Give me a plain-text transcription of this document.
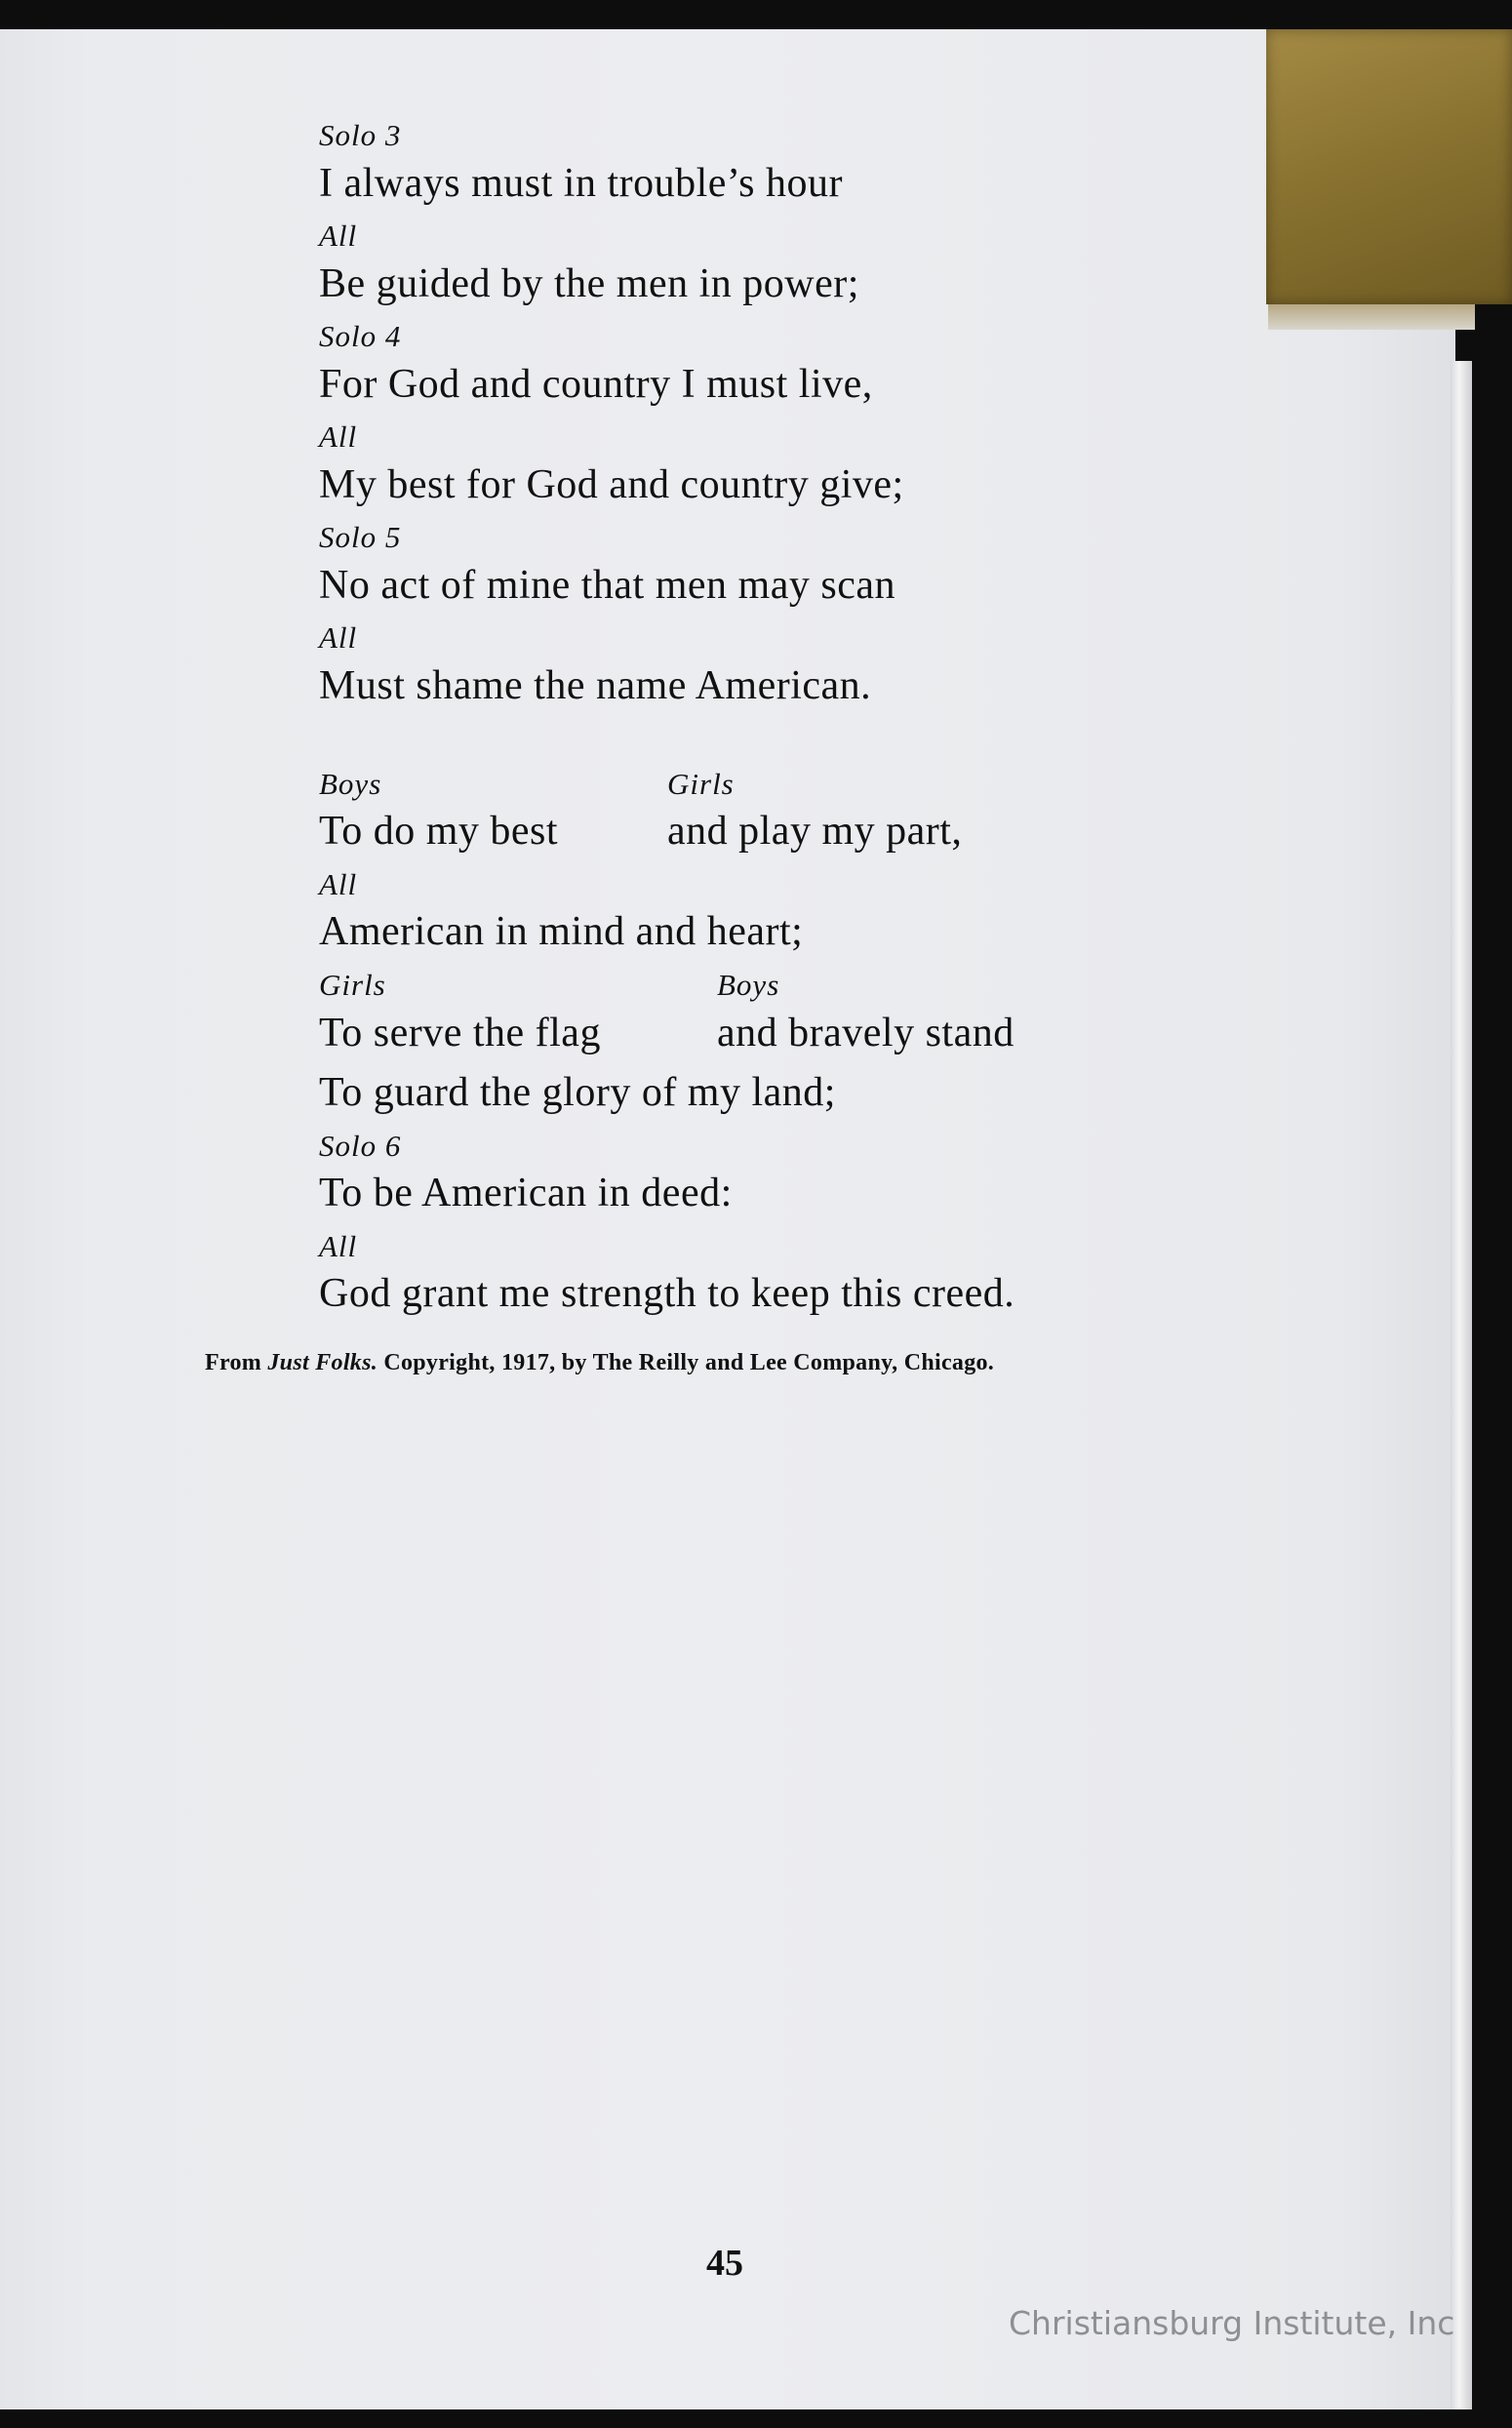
Solo 3
I always must in trouble’s hour
All
Be guided by the men in power;
Solo 4
For God and country I must live,
All
My best for God and country give;
Solo 5
No act of mine that men may scan
All
Must shame the name American.
Boys	Girls
To do my best	and play my part,
All
American in mind and heart;
Girls	Boys
To serve the flag	and bravely stand
To guard the glory of my land;
Solo 6
To be American in deed:
All
God grant me strength to keep this creed.
From Just Folks. Copyright, 1917, by The Reilly and Lee Company, Chicago.
45
Christiansburg Institute, Inc
